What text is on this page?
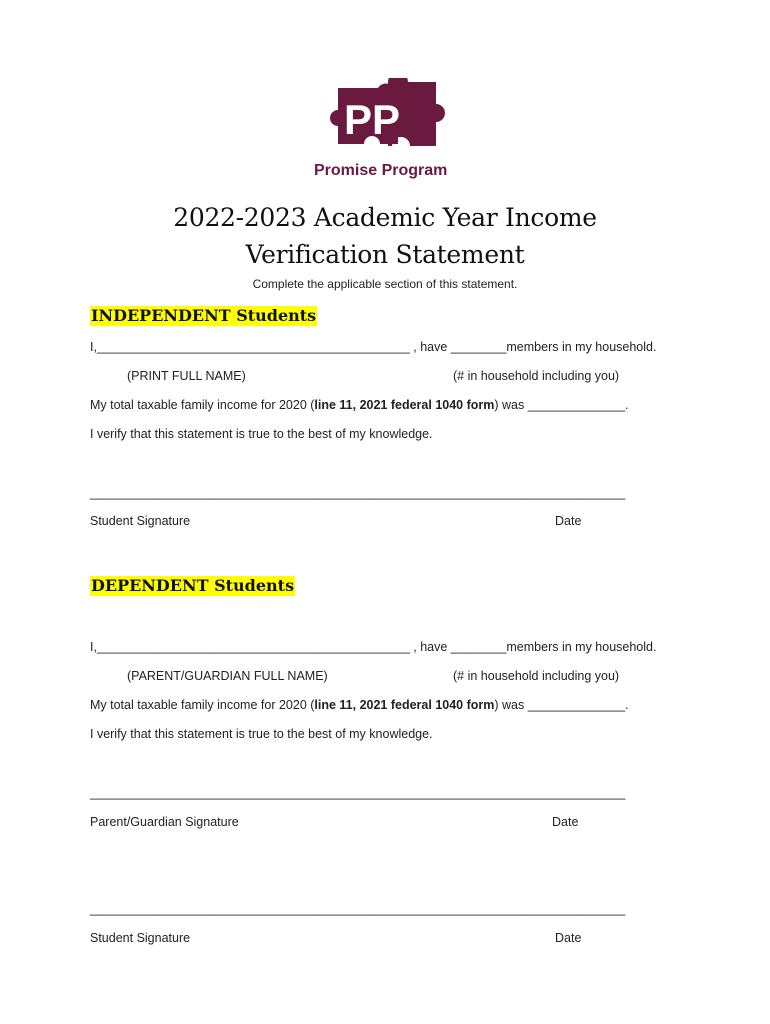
PP
Promise Program
2022-2023 Academic Year Income
Verification Statement
Complete the applicable section of this statement.
INDEPENDENT Students
I,_____________________________________________ , have ________members in my household.
(PRINT FULL NAME)	(# in household including you)
My total taxable family income for 2020 (line 11, 2021 federal 1040 form) was ______________.
I verify that this statement is true to the best of my knowledge.
_____________________________________________________________________________
Student Signature	Date
DEPENDENT Students
I,_____________________________________________ , have ________members in my household.
(PARENT/GUARDIAN FULL NAME)	(# in household including you)
My total taxable family income for 2020 (line 11, 2021 federal 1040 form) was ______________.
I verify that this statement is true to the best of my knowledge.
_____________________________________________________________________________
Parent/Guardian Signature	Date
_____________________________________________________________________________
Student Signature	Date
